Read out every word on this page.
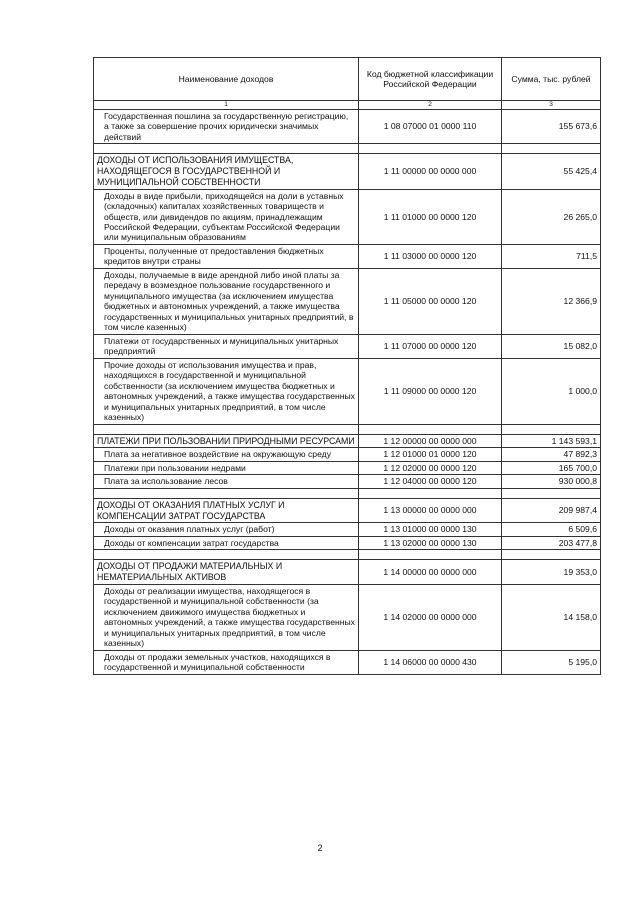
Наименование доходов	Код бюджетной классификации Российской Федерации	Сумма, тыс. рублей
1	2	3
Государственная пошлина за государственную регистрацию, а также за совершение прочих юридически значимых действий	1 08 07000 01 0000 110	155 673,6

ДОХОДЫ ОТ ИСПОЛЬЗОВАНИЯ ИМУЩЕСТВА, НАХОДЯЩЕГОСЯ В ГОСУДАРСТВЕННОЙ И МУНИЦИПАЛЬНОЙ СОБСТВЕННОСТИ	1 11 00000 00 0000 000	55 425,4
Доходы в виде прибыли, приходящейся на доли в уставных (складочных) капиталах хозяйственных товариществ и обществ, или дивидендов по акциям, принадлежащим Российской Федерации, субъектам Российской Федерации или муниципальным образованиям	1 11 01000 00 0000 120	26 265,0
Проценты, полученные от предоставления бюджетных кредитов внутри страны	1 11 03000 00 0000 120	711,5
Доходы, получаемые в виде арендной либо иной платы за передачу в возмездное пользование государственного и муниципального имущества (за исключением имущества бюджетных и автономных учреждений, а также имущества государственных и муниципальных унитарных предприятий, в том числе казенных)	1 11 05000 00 0000 120	12 366,9
Платежи от государственных и муниципальных унитарных предприятий	1 11 07000 00 0000 120	15 082,0
Прочие доходы от использования имущества и прав, находящихся в государственной и муниципальной собственности (за исключением имущества бюджетных и автономных учреждений, а также имущества государственных и муниципальных унитарных предприятий, в том числе казенных)	1 11 09000 00 0000 120	1 000,0

ПЛАТЕЖИ ПРИ ПОЛЬЗОВАНИИ ПРИРОДНЫМИ РЕСУРСАМИ	1 12 00000 00 0000 000	1 143 593,1
Плата за негативное воздействие на окружающую среду	1 12 01000 01 0000 120	47 892,3
Платежи при пользовании недрами	1 12 02000 00 0000 120	165 700,0
Плата за использование лесов	1 12 04000 00 0000 120	930 000,8

ДОХОДЫ ОТ ОКАЗАНИЯ ПЛАТНЫХ УСЛУГ И КОМПЕНСАЦИИ ЗАТРАТ ГОСУДАРСТВА	1 13 00000 00 0000 000	209 987,4
Доходы от оказания платных услуг (работ)	1 13 01000 00 0000 130	6 509,6
Доходы от компенсации затрат государства	1 13 02000 00 0000 130	203 477,8

ДОХОДЫ ОТ ПРОДАЖИ МАТЕРИАЛЬНЫХ И НЕМАТЕРИАЛЬНЫХ АКТИВОВ	1 14 00000 00 0000 000	19 353,0
Доходы от реализации имущества, находящегося в государственной и муниципальной собственности (за исключением движимого имущества бюджетных и автономных учреждений, а также имущества государственных и муниципальных унитарных предприятий, в том числе казенных)	1 14 02000 00 0000 000	14 158,0
Доходы от продажи земельных участков, находящихся в государственной и муниципальной собственности	1 14 06000 00 0000 430	5 195,0
2
